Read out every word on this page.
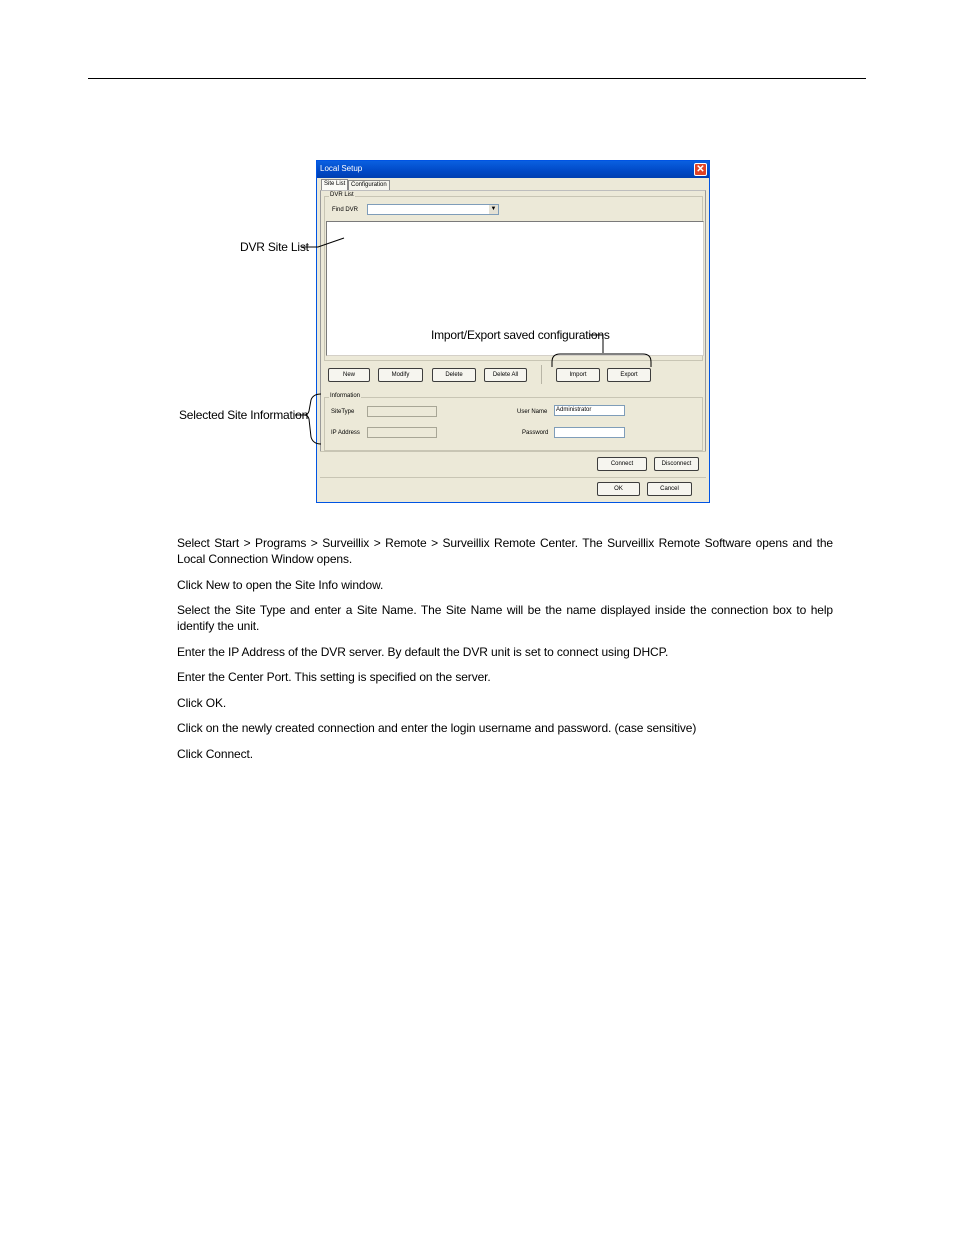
Local Setup	✕
Configuration
Site List
DVR List
Find DVR	▼
New	Modify	Delete	Delete All	Import	Export
Information
SiteType
IP Address
User Name	Administrator
Password
Connect	Disconnect
OK	Cancel
DVR Site List
Import/Export saved configurations
Selected Site Information

Select Start > Programs > Surveillix > Remote > Surveillix Remote Center. The Surveillix Remote Software opens and the Local Connection Window opens.

Click New to open the Site Info window.

Select the Site Type and enter a Site Name. The Site Name will be the name displayed inside the connection box to help identify the unit.

Enter the IP Address of the DVR server. By default the DVR unit is set to connect using DHCP.

Enter the Center Port. This setting is specified on the server.

Click OK.

Click on the newly created connection and enter the login username and password. (case sensitive)

Click Connect.
